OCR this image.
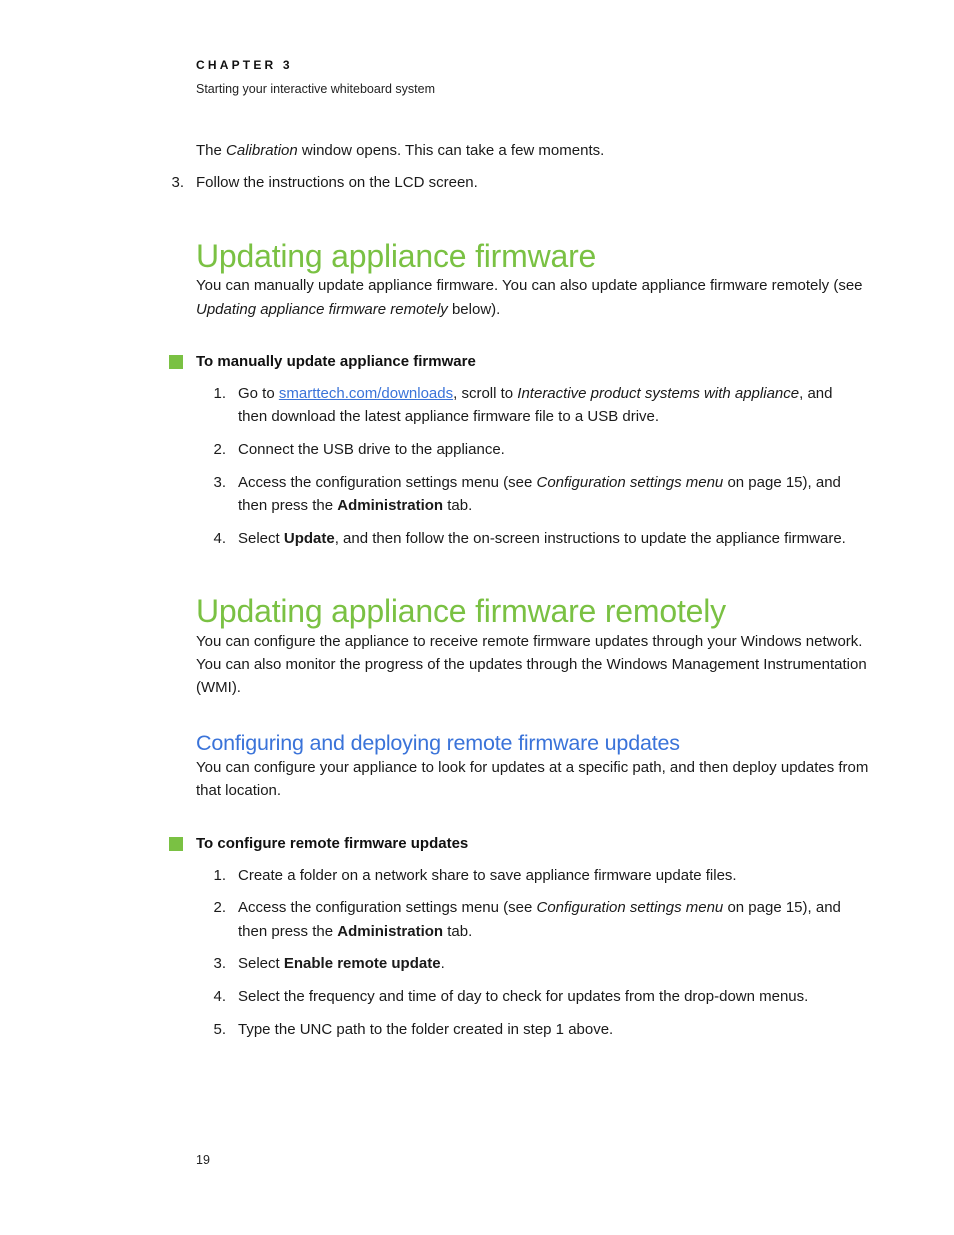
CHAPTER 3
Starting your interactive whiteboard system
The Calibration window opens. This can take a few moments.
3. Follow the instructions on the LCD screen.
Updating appliance firmware
You can manually update appliance firmware. You can also update appliance firmware remotely (see
Updating appliance firmware remotely below).
To manually update appliance firmware
1. Go to smarttech.com/downloads, scroll to Interactive product systems with appliance, and
then download the latest appliance firmware file to a USB drive.
2. Connect the USB drive to the appliance.
3. Access the configuration settings menu (see Configuration settings menu on page 15), and
then press the Administration tab.
4. Select Update, and then follow the on-screen instructions to update the appliance firmware.
Updating appliance firmware remotely
You can configure the appliance to receive remote firmware updates through your Windows network.
You can also monitor the progress of the updates through the Windows Management Instrumentation
(WMI).
Configuring and deploying remote firmware updates
You can configure your appliance to look for updates at a specific path, and then deploy updates from
that location.
To configure remote firmware updates
1. Create a folder on a network share to save appliance firmware update files.
2. Access the configuration settings menu (see Configuration settings menu on page 15), and
then press the Administration tab.
3. Select Enable remote update.
4. Select the frequency and time of day to check for updates from the drop-down menus.
5. Type the UNC path to the folder created in step 1 above.
19
